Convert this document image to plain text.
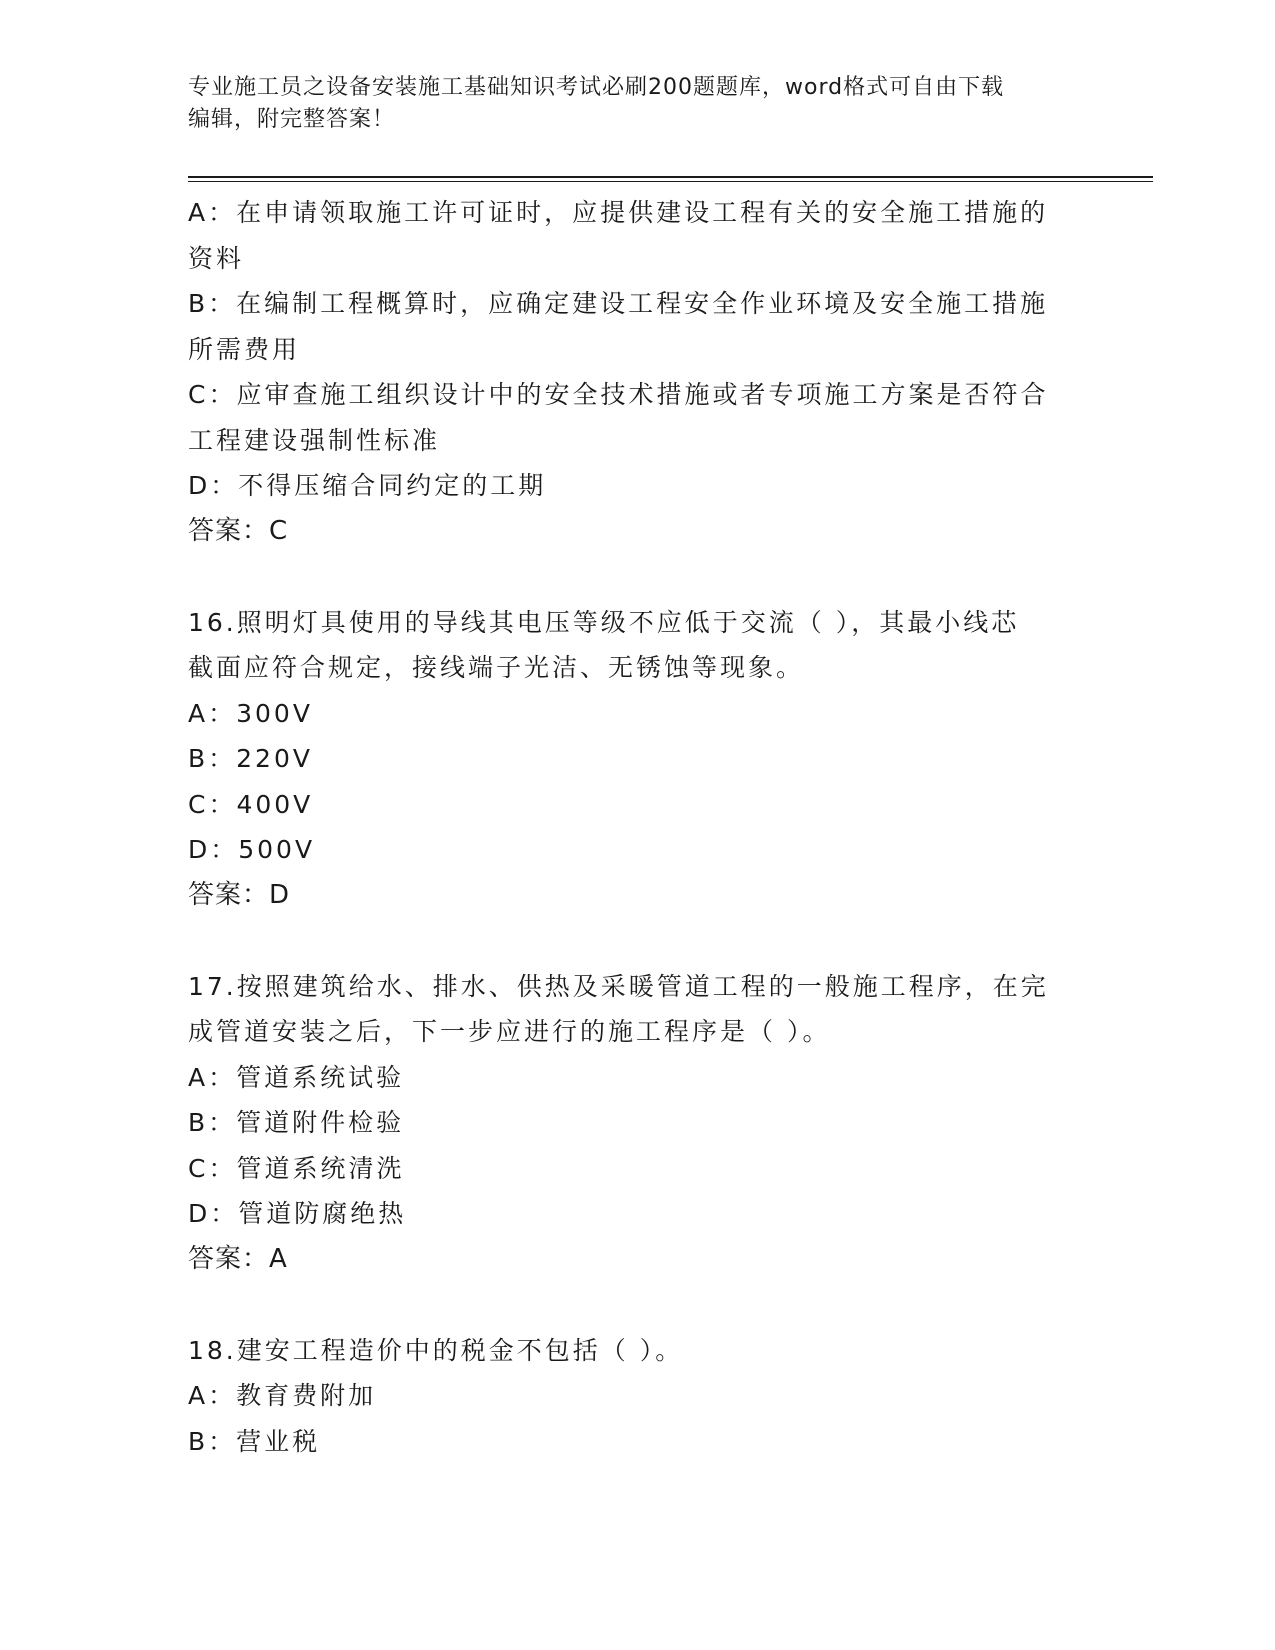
专业施工员之设备安装施工基础知识考试必刷200题题库，word格式可自由下载
编辑，附完整答案！
A：在申请领取施工许可证时，应提供建设工程有关的安全施工措施的
资料
B：在编制工程概算时，应确定建设工程安全作业环境及安全施工措施
所需费用
C：应审查施工组织设计中的安全技术措施或者专项施工方案是否符合
工程建设强制性标准
D：不得压缩合同约定的工期
答案：C
16.照明灯具使用的导线其电压等级不应低于交流（ ），其最小线芯
截面应符合规定，接线端子光洁、无锈蚀等现象。
A：300V
B：220V
C：400V
D：500V
答案：D
17.按照建筑给水、排水、供热及采暖管道工程的一般施工程序，在完
成管道安装之后，下一步应进行的施工程序是（ ）。
A：管道系统试验
B：管道附件检验
C：管道系统清洗
D：管道防腐绝热
答案：A
18.建安工程造价中的税金不包括（ ）。
A：教育费附加
B：营业税
